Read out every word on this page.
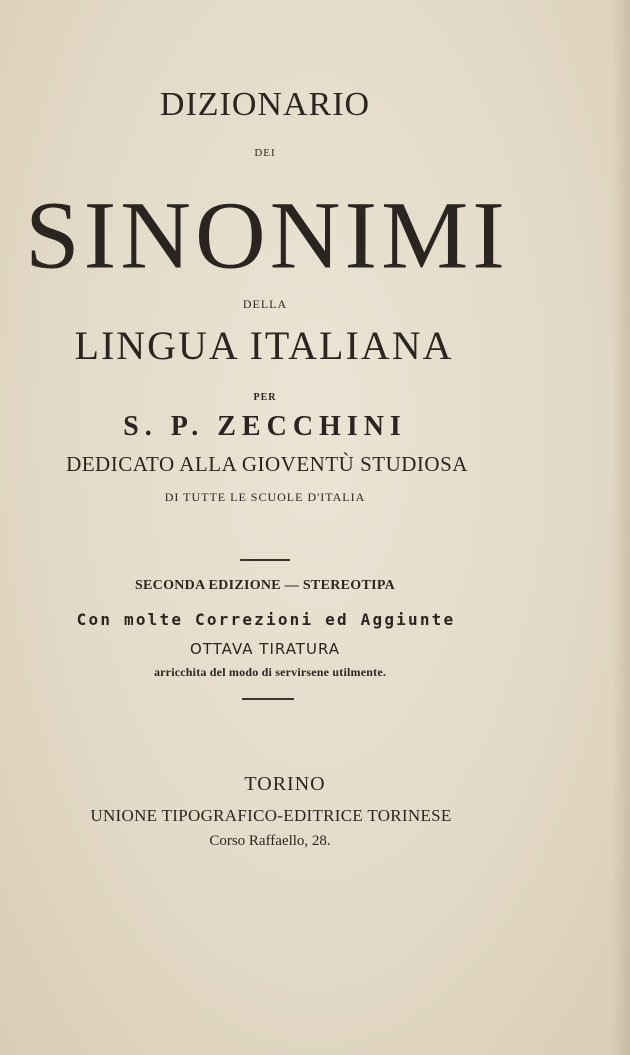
DIZIONARIO

DEI

SINONIMI

DELLA

LINGUA ITALIANA

PER

S. P. ZECCHINI

DEDICATO ALLA GIOVENTÙ STUDIOSA

DI TUTTE LE SCUOLE D'ITALIA

SECONDA EDIZIONE — STEREOTIPA

Con molte Correzioni ed Aggiunte

OTTAVA TIRATURA

arricchita del modo di servirsene utilmente.

TORINO

UNIONE TIPOGRAFICO-EDITRICE TORINESE

Corso Raffaello, 28.
